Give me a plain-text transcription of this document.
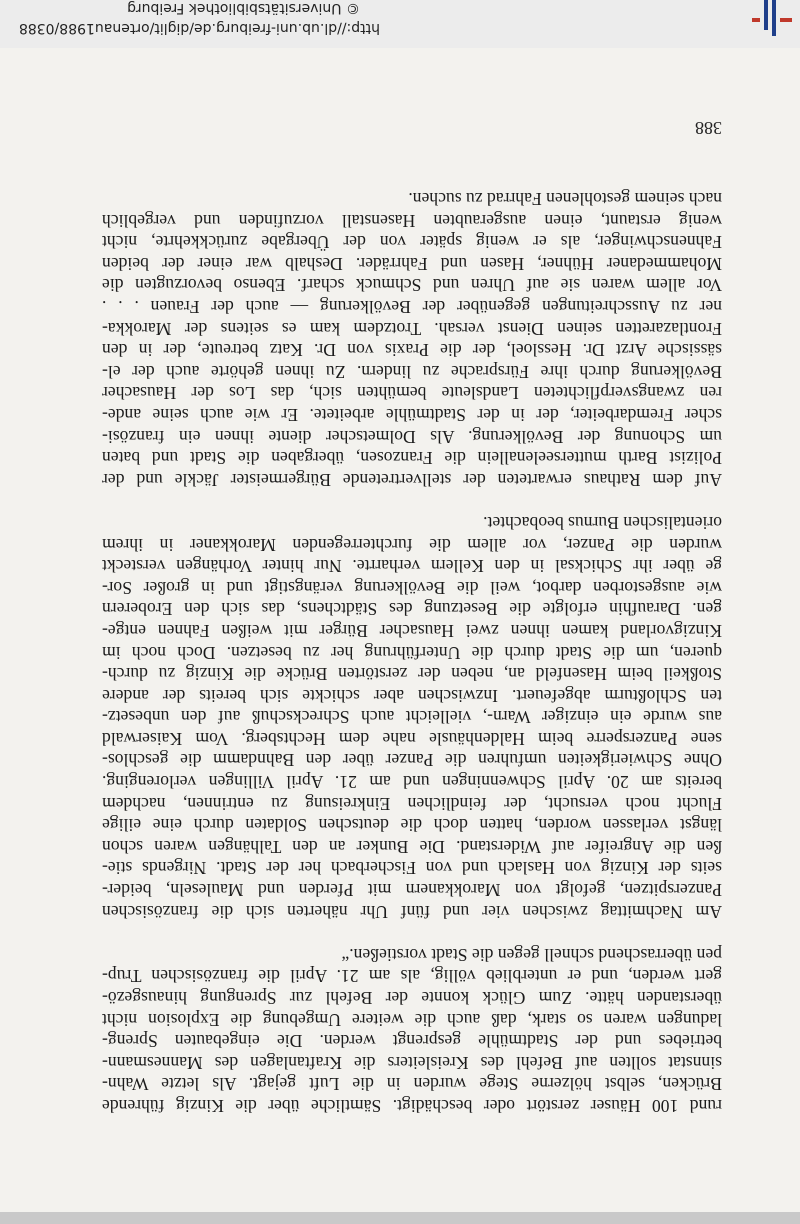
http://dl.ub.uni-freiburg.de/diglit/ortenau1988/0388
© Universitätsbibliothek Freiburg

rund 100 Häuser zerstört oder beschädigt. Sämtliche über die Kinzig führende

Brücken, selbst hölzerne Stege wurden in die Luft gejagt. Als letzte Wahn-

sinnstat sollten auf Befehl des Kreisleiters die Kraftanlagen des Mannesmann-

betriebes und der Stadtmühle gesprengt werden. Die eingebauten Spreng-

ladungen waren so stark, daß auch die weitere Umgebung die Explosion nicht

überstanden hätte. Zum Glück konnte der Befehl zur Sprengung hinausgezö-

gert werden, und er unterblieb völlig, als am 21. April die französischen Trup-

pen überraschend schnell gegen die Stadt vorstießen.“

Am Nachmittag zwischen vier und fünf Uhr näherten sich die französischen

Panzerspitzen, gefolgt von Marokkanern mit Pferden und Mauleseln, beider-

seits der Kinzig von Haslach und von Fischerbach her der Stadt. Nirgends stie-

ßen die Angreifer auf Widerstand. Die Bunker an den Talhängen waren schon

längst verlassen worden, hatten doch die deutschen Soldaten durch eine eilige

Flucht noch versucht, der feindlichen Einkreisung zu entrinnen, nachdem

bereits am 20. April Schwenningen und am 21. April Villingen verlorenging.

Ohne Schwierigkeiten umfuhren die Panzer über den Bahndamm die geschlos-

sene Panzersperre beim Haldenhäusle nahe dem Hechtsberg. Vom Kaiserwald

aus wurde ein einziger Warn-, vielleicht auch Schreckschuß auf den unbesetz-

ten Schloßturm abgefeuert. Inzwischen aber schickte sich bereits der andere

Stoßkeil beim Hasenfeld an, neben der zerstörten Brücke die Kinzig zu durch-

queren, um die Stadt durch die Unterführung her zu besetzen. Doch noch im

Kinzigvorland kamen ihnen zwei Hausacher Bürger mit weißen Fahnen entge-

gen. Daraufhin erfolgte die Besetzung des Städtchens, das sich den Eroberern

wie ausgestorben darbot, weil die Bevölkerung verängstigt und in großer Sor-

ge über ihr Schicksal in den Kellern verharrte. Nur hinter Vorhängen versteckt

wurden die Panzer, vor allem die furchterregenden Marokkaner in ihrem

orientalischen Burnus beobachtet.

Auf dem Rathaus erwarteten der stellvertretende Bürgermeister Jäckle und der

Polizist Barth mutterseelenallein die Franzosen, übergaben die Stadt und baten

um Schonung der Bevölkerung. Als Dolmetscher diente ihnen ein französi-

scher Fremdarbeiter, der in der Stadtmühle arbeitete. Er wie auch seine ande-

ren zwangsverpflichteten Landsleute bemühten sich, das Los der Hausacher

Bevölkerung durch ihre Fürsprache zu lindern. Zu ihnen gehörte auch der el-

sässische Arzt Dr. Hessloel, der die Praxis von Dr. Katz betreute, der in den

Frontlazaretten seinen Dienst versah. Trotzdem kam es seitens der Marokka-

ner zu Ausschreitungen gegenüber der Bevölkerung — auch der Frauen . . .

Vor allem waren sie auf Uhren und Schmuck scharf. Ebenso bevorzugten die

Mohammedaner Hühner, Hasen und Fahrräder. Deshalb war einer der beiden

Fahnenschwinger, als er wenig später von der Übergabe zurückkehrte, nicht

wenig erstaunt, einen ausgeraubten Hasenstall vorzufinden und vergeblich

nach seinem gestohlenen Fahrrad zu suchen.

388
